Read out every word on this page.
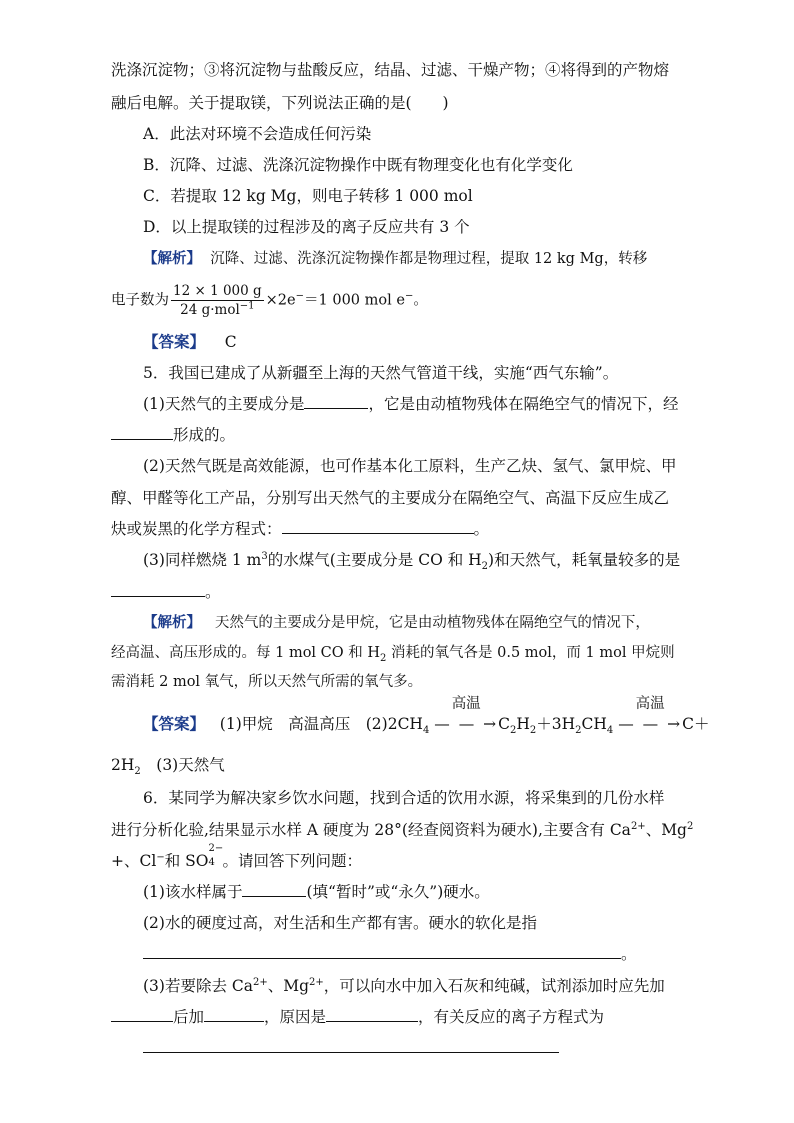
洗涤沉淀物；③将沉淀物与盐酸反应，结晶、过滤、干燥产物；④将得到的产物熔
融后电解。关于提取镁，下列说法正确的是(　　)
A．此法对环境不会造成任何污染
B．沉降、过滤、洗涤沉淀物操作中既有物理变化也有化学变化
C．若提取 12 kg Mg，则电子转移 1 000 mol
D．以上提取镁的过程涉及的离子反应共有 3 个
【解析】 沉降、过滤、洗涤沉淀物操作都是物理过程，提取 12 kg Mg，转移
电子数为 $\frac{12 \times 1 000 g}{24 g\cdot mol^{-1}} \times 2e^-=1$ 000 mol e−。
【答案】 C
5．我国已建成了从新疆至上海的天然气管道干线，实施“西气东输”。
(1)天然气的主要成分是	，它是由动植物残体在隔绝空气的情况下，经
形成的。
(2)天然气既是高效能源，也可作基本化工原料，生产乙炔、氢气、氯甲烷、甲
醇、甲醛等化工产品，分别写出天然气的主要成分在隔绝空气、高温下反应生成乙
炔或炭黑的化学方程式：	。
(3)同样燃烧 1 $m^3$的水煤气(主要成分是 CO 和 $H_2$)和天然气，耗氧量较多的是
。
【解析】 天然气的主要成分是甲烷，它是由动植物残体在隔绝空气的情况下，
经高温、高压形成的。每 1 mol CO 和 $H_2$ 消耗的氧气各是 0.5 mol，而 1 mol 甲烷则
需消耗 2 mol 氧气，所以天然气所需的氧气多。
【答案】 (1)甲烷　高温高压　$(2)2CH_4$
高温
— — $\to C_2H_2+3H_2CH_4$
高温
— — →C＋
$2H_2$　(3)天然气
6．某同学为解决家乡饮水问题，找到合适的饮用水源，将采集到的几份水样
进行分析化验,结果显示水样 A 硬度为 28°(经查阅资料为硬水),主要含有 $Ca^{2+}$、$Mg^2$
+、Cl−和 SO
2−
4 。请回答下列问题：
(1)该水样属于	(填“暂时”或“永久”)硬水。
(2)水的硬度过高，对生活和生产都有害。硬水的软化是指
。
(3)若要除去 $Ca^{2+}$、$Mg^{2+}$，可以向水中加入石灰和纯碱，试剂添加时应先加
后加	，原因是	，有关反应的离子方程式为
